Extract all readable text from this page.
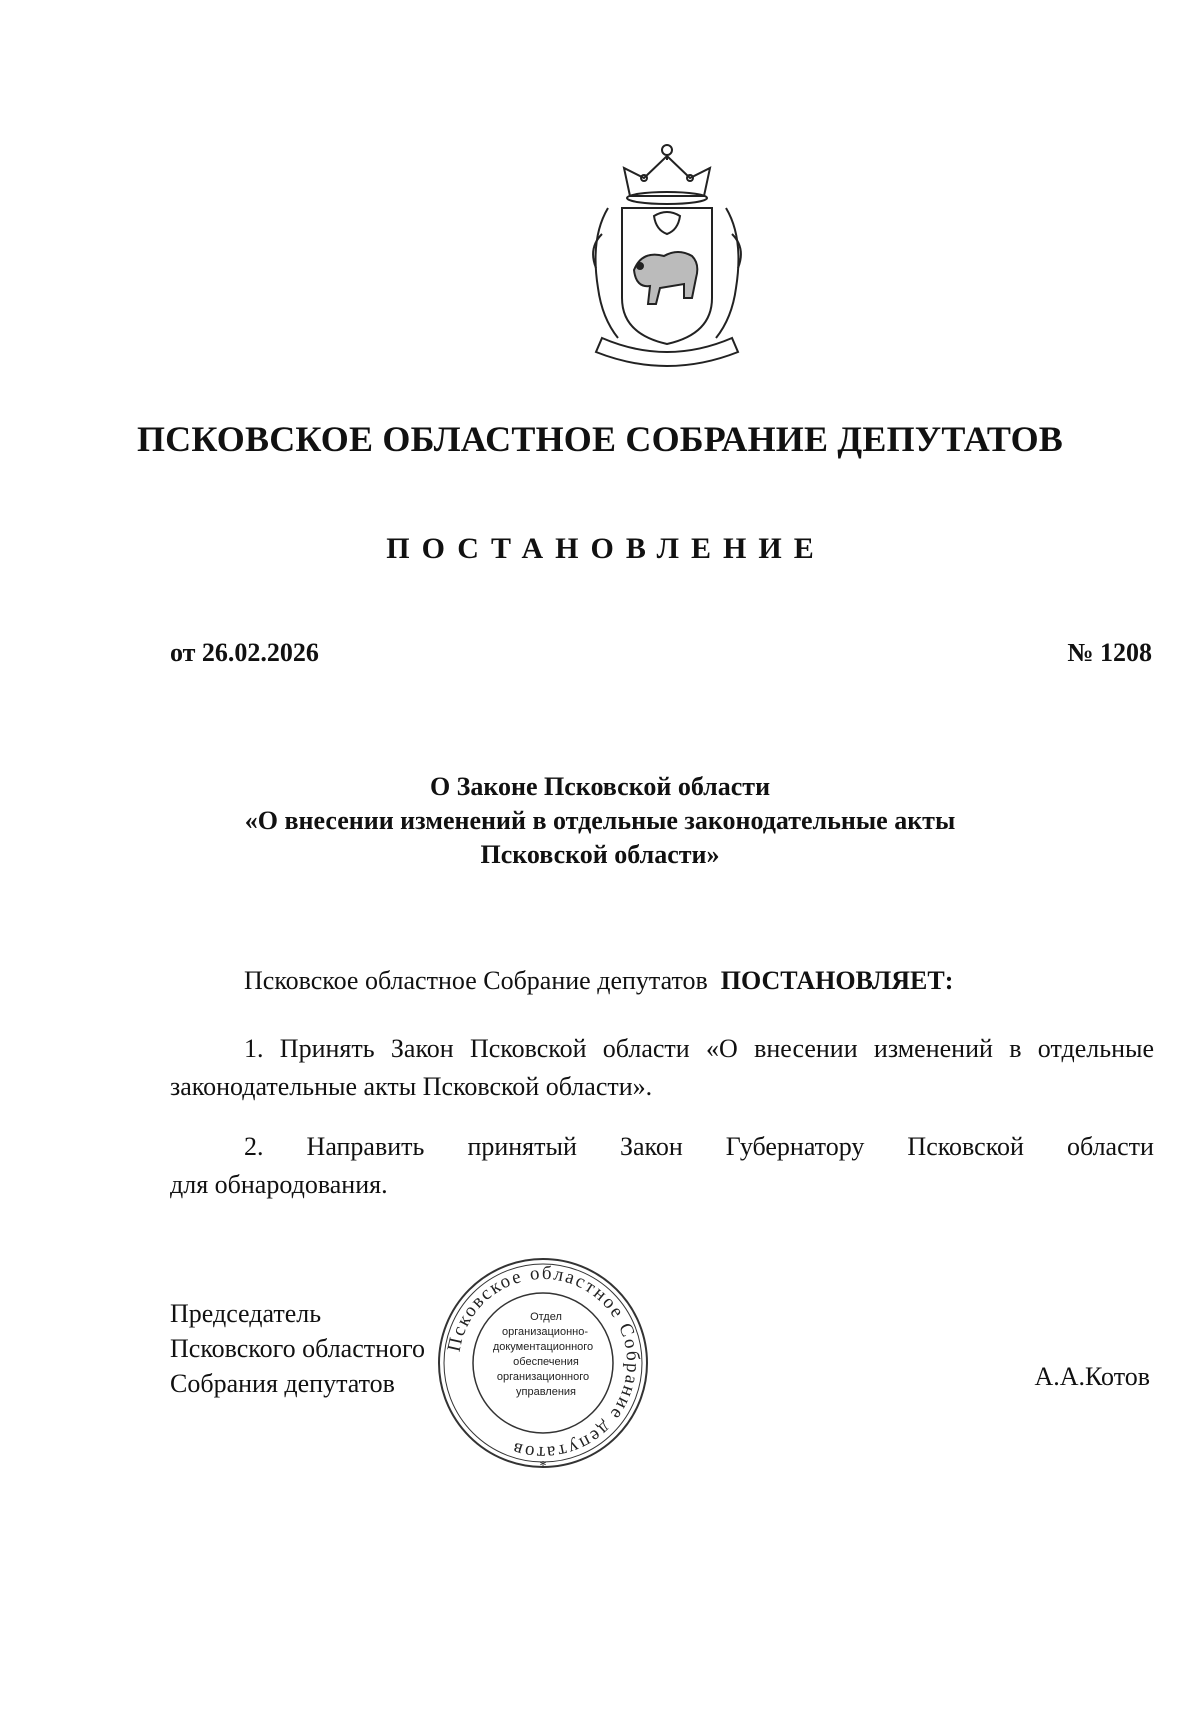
ПСКОВСКОЕ ОБЛАСТНОЕ СОБРАНИЕ ДЕПУТАТОВ
ПОСТАНОВЛЕНИЕ
от 26.02.2026	№ 1208
О Законе Псковской области
«О внесении изменений в отдельные законодательные акты
Псковской области»
Псковское областное Собрание депутатов ПОСТАНОВЛЯЕТ:
1. Принять Закон Псковской области «О внесении изменений в отдельные законодательные акты Псковской области».
2. Направить принятый Закон Губернатору Псковской области
для обнародования.
Председатель
Псковского областного
Собрания депутатов	А.А.Котов
Псковское областное Собрание депутатов
*
Отдел
организационно-
документационного
обеспечения
организационного
управления
